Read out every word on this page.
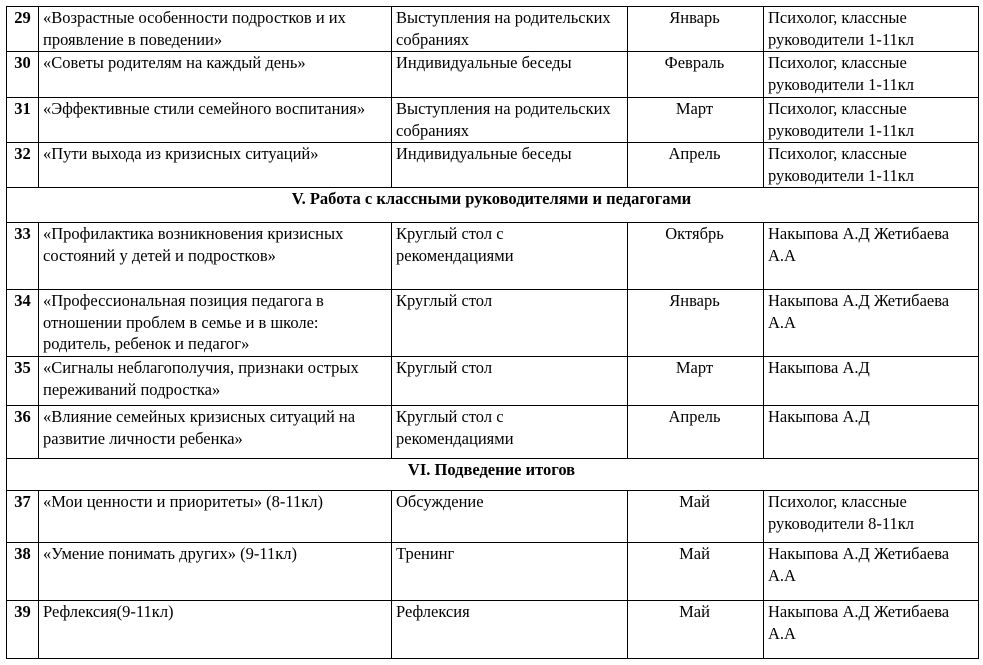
29	«Возрастные особенности подростков и их проявление в поведении»	Выступления на родительских собраниях	Январь	Психолог, классные руководители 1-11кл
30	«Советы родителям на каждый день»	Индивидуальные беседы	Февраль	Психолог, классные руководители 1-11кл
31	«Эффективные стили семейного воспитания»	Выступления на родительских собраниях	Март	Психолог, классные руководители 1-11кл
32	«Пути выхода из кризисных ситуаций»	Индивидуальные беседы	Апрель	Психолог, классные руководители 1-11кл
V. Работа с классными руководителями и педагогами				
33	«Профилактика возникновения кризисных состояний у детей и подростков»	Круглый стол с рекомендациями	Октябрь	Накыпова А.Д Жетибаева А.А
34	«Профессиональная позиция педагога в отношении проблем в семье и в школе: родитель, ребенок и педагог»	Круглый стол	Январь	Накыпова А.Д Жетибаева А.А
35	«Сигналы неблагополучия, признаки острых переживаний подростка»	Круглый стол	Март	Накыпова А.Д
36	«Влияние семейных кризисных ситуаций на развитие личности ребенка»	Круглый стол с рекомендациями	Апрель	Накыпова А.Д
VI. Подведение итогов				
37	«Мои ценности и приоритеты» (8-11кл)	Обсуждение	Май	Психолог, классные руководители 8-11кл
38	«Умение понимать других» (9-11кл)	Тренинг	Май	Накыпова А.Д Жетибаева А.А
39	Рефлексия(9-11кл)	Рефлексия	Май	Накыпова А.Д Жетибаева А.А
